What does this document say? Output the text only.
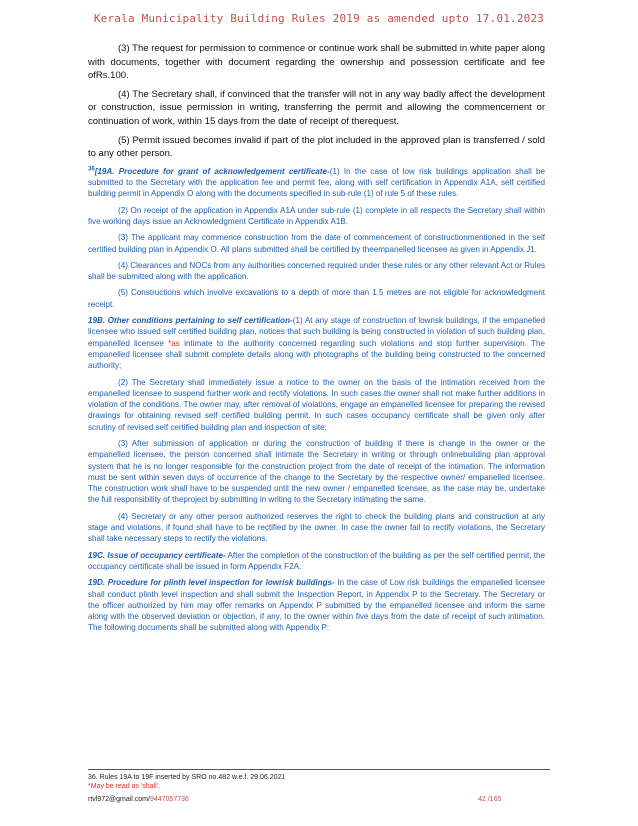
Kerala Municipality Building Rules 2019 as amended upto 17.01.2023

(3) The request for permission to commence or continue work shall be submitted in white paper along with documents, together with document regarding the ownership and possession certificate and fee ofRs.100.

(4) The Secretary shall, if convinced that the transfer will not in any way badly affect the development or construction, issue permission in writing, transferring the permit and allowing the commencement or continuation of work, within 15 days from the date of receipt of therequest.

(5) Permit issued becomes invalid if part of the plot included in the approved plan is transferred / sold to any other person.

$^{36}$[19A. Procedure for grant of acknowledgement certificate-(1) In the case of low risk buildings application shall be submitted to the Secretary with the application fee and permit fee, along with self certification in Appendix A1A, self certified building permit in Appendix O along with the documents specified in sub-rule (1) of rule 5 of these rules.

(2) On receipt of the application in Appendix A1A under sub-rule (1) complete in all respects the Secretary shall within five working days issue an Acknowledgment Certificate in Appendix A1B.

(3) The applicant may commence construction from the date of commencement of constructionmentioned in the self certified building plan in Appendix O. All plans submitted shall be certified by theempanelled licensee as given in Appendix J1.

(4) Clearances and NOCs from any authorities concerned required under these rules or any other relevant Act or Rules shall be submitted along with the application.

(5) Constructions which involve excavations to a depth of more than 1.5 metres are not eligible for acknowledgment receipt.

19B. Other conditions pertaining to self certification-(1) At any stage of construction of lowrisk buildings, if the empanelled licensee who issued self certified building plan, notices that such building is being constructed in violation of such building plan, empanelled licensee *as intimate to the authority concerned regarding such violations and stop further supervision. The empanelled licensee shall submit complete details along with photographs of the building being constructed to the concerned authority;

(2) The Secretary shall immediately issue a notice to the owner on the basis of the intimation received from the empanelled licensee to suspend further work and rectify violations. In such cases the owner shall not make further additions in violation of the conditions. The owner may, after removal of violations, engage an empanelled licensee for preparing the revised drawings for obtaining revised self certified building permit. In such cases occupancy certificate shall be given only after scrutiny of revised self certified building plan and inspection of site;

(3) After submission of application or during the construction of building if there is change in the owner or the empanelled licensee, the person concerned shall intimate the Secretary in writing or through onlinebuilding plan approval system that he is no longer responsible for the construction project from the date of receipt of the intimation. The information must be sent within seven days of occurrence of the change to the Secretary by the respective owner/ empanelled licensee. The construction work shall have to be suspended until the new owner / empanelled licensee, as the case may be, undertake the full responsibility of theproject by submitting in writing to the Secretary intimating the same.

(4) Secretary or any other person authorized reserves the right to check the building plans and construction at any stage and violations, if found shall have to be rectified by the owner. In case the owner fail to rectify violations, the Secretary shall take necessary steps to rectify the violations.

19C. Issue of occupancy certificate- After the completion of the construction of the building as per the self certified permit, the occupancy certificate shall be issued in form Appendix F2A.

19D. Procedure for plinth level inspection for lowrisk buildings- In the case of Low risk buildings the empanelled licensee shall conduct plinth level inspection and shall submit the Inspection Report, in Appendix P to the Secretary. The Secretary or the officer authorized by him may offer remarks on Appendix P submitted by the empanelled licensee and inform the same along with the observed deviation or objection, if any, to the owner within five days from the date of receipt of such intimation. The following documents shall be submitted along with Appendix P:

36. Rules 19A to 19F inserted by SRO no.482 w.e.f. 29.06.2021
*May be read as 'shall'.
rtvl972@gmail.com/9447057736	42 /165
